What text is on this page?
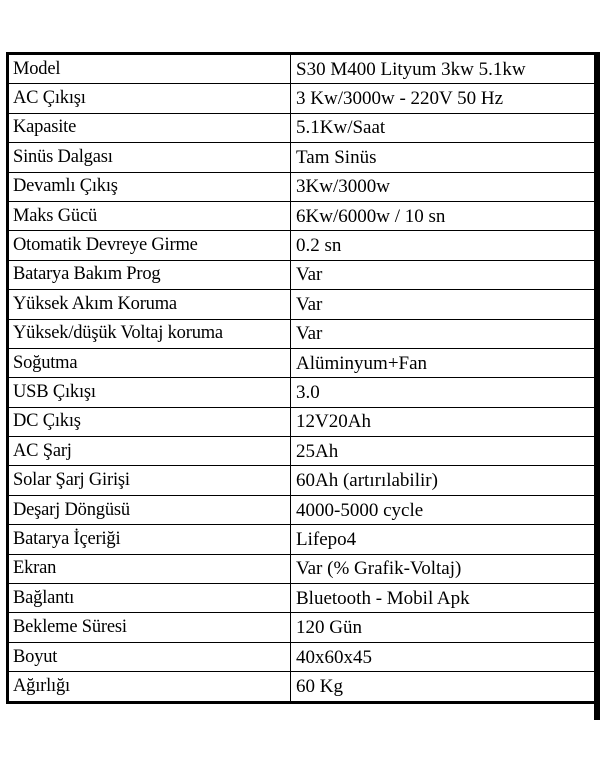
Model	S30 M400 Lityum 3kw 5.1kw
AC Çıkışı	3 Kw/3000w - 220V 50 Hz
Kapasite	5.1Kw/Saat
Sinüs Dalgası	Tam Sinüs
Devamlı Çıkış	3Kw/3000w
Maks Gücü	6Kw/6000w / 10 sn
Otomatik Devreye Girme	0.2 sn
Batarya Bakım Prog	Var
Yüksek Akım Koruma	Var
Yüksek/düşük Voltaj koruma	Var
Soğutma	Alüminyum+Fan
USB Çıkışı	3.0
DC Çıkış	12V20Ah
AC Şarj	25Ah
Solar Şarj Girişi	60Ah (artırılabilir)
Deşarj Döngüsü	4000-5000 cycle
Batarya İçeriği	Lifepo4
Ekran	Var (% Grafik-Voltaj)
Bağlantı	Bluetooth - Mobil Apk
Bekleme Süresi	120 Gün
Boyut	40x60x45
Ağırlığı	60 Kg
